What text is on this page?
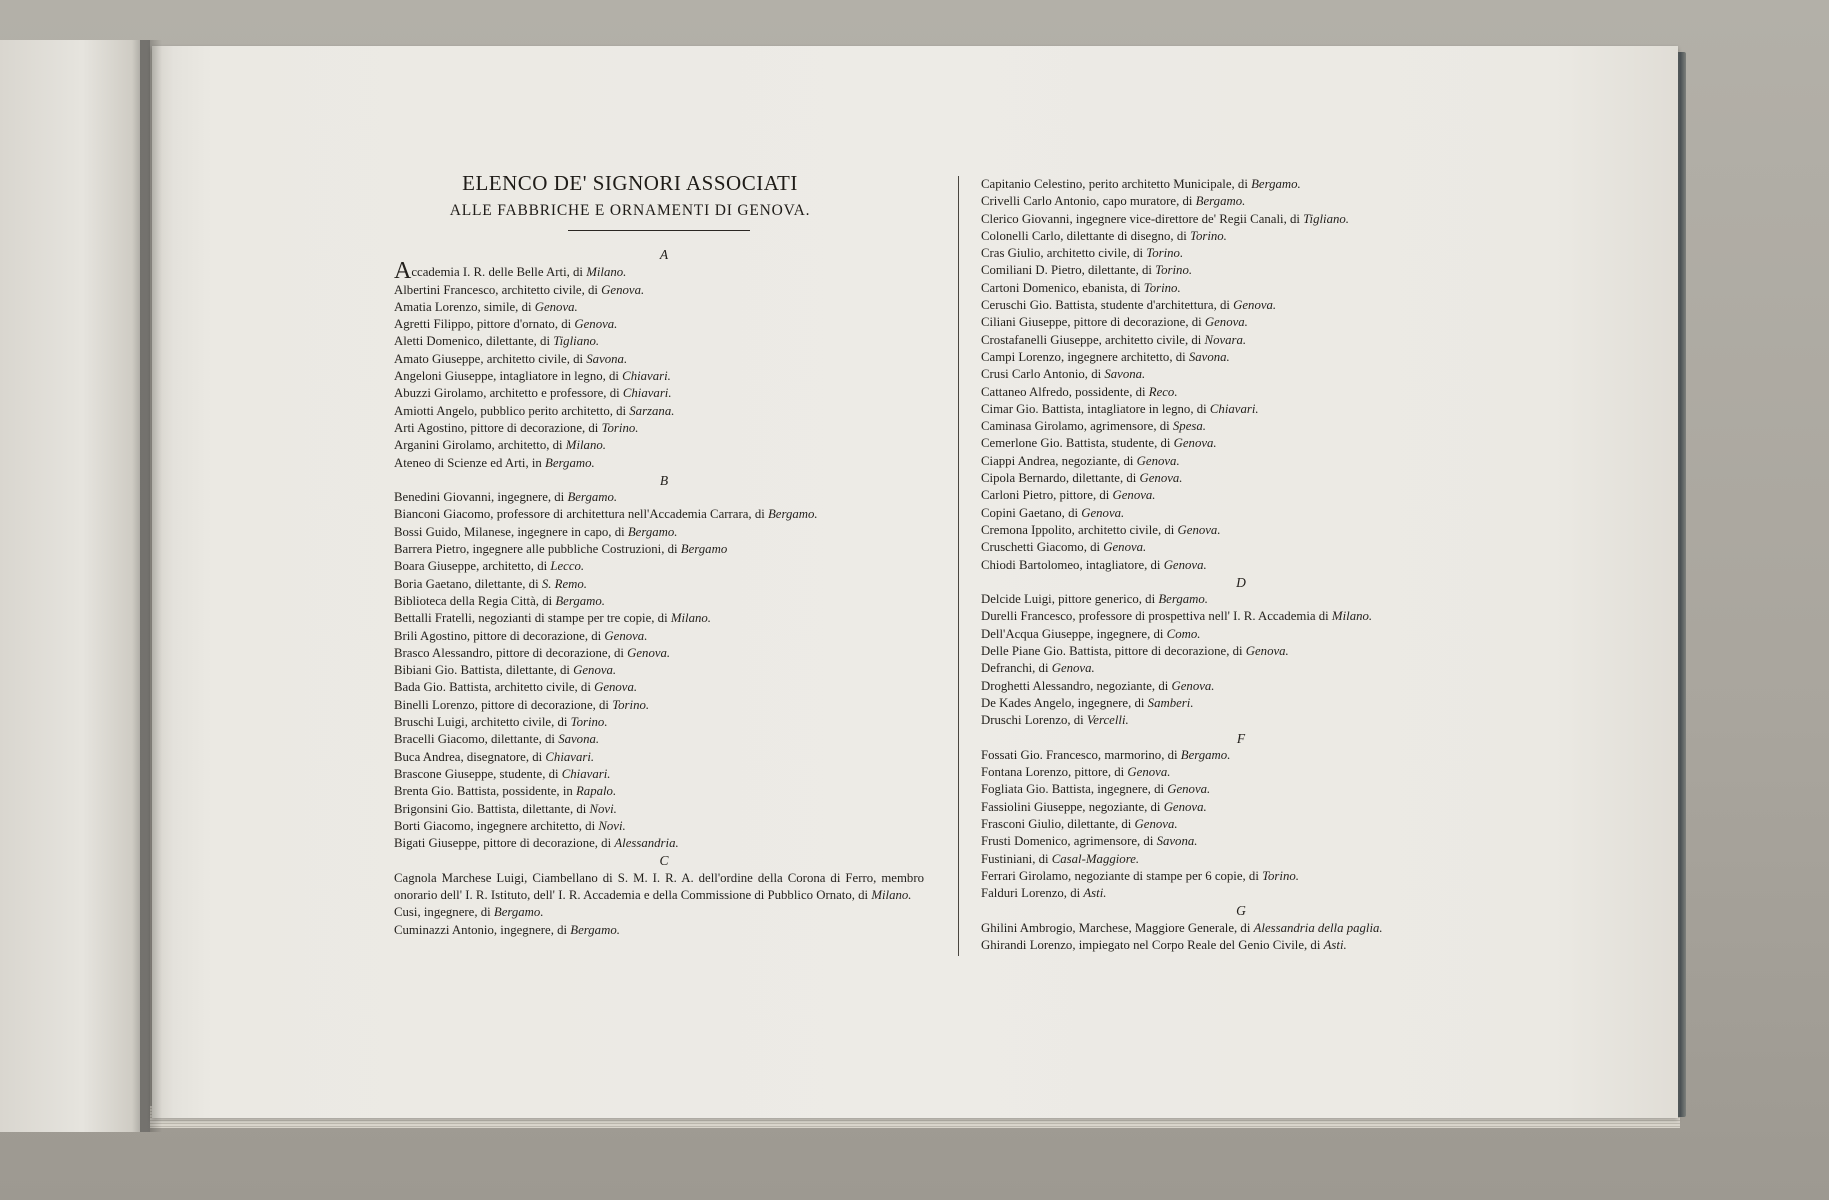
ELENCO DE' SIGNORI ASSOCIATI
ALLE FABBRICHE E ORNAMENTI DI GENOVA.
A
Accademia I. R. delle Belle Arti, di Milano.
Albertini Francesco, architetto civile, di Genova.
Amatia Lorenzo, simile, di Genova.
Agretti Filippo, pittore d'ornato, di Genova.
Aletti Domenico, dilettante, di Tigliano.
Amato Giuseppe, architetto civile, di Savona.
Angeloni Giuseppe, intagliatore in legno, di Chiavari.
Abuzzi Girolamo, architetto e professore, di Chiavari.
Amiotti Angelo, pubblico perito architetto, di Sarzana.
Arti Agostino, pittore di decorazione, di Torino.
Arganini Girolamo, architetto, di Milano.
Ateneo di Scienze ed Arti, in Bergamo.
B
Benedini Giovanni, ingegnere, di Bergamo.
Bianconi Giacomo, professore di architettura nell'Accademia Carrara, di Bergamo.
Bossi Guido, Milanese, ingegnere in capo, di Bergamo.
Barrera Pietro, ingegnere alle pubbliche Costruzioni, di Bergamo
Boara Giuseppe, architetto, di Lecco.
Boria Gaetano, dilettante, di S. Remo.
Biblioteca della Regia Città, di Bergamo.
Bettalli Fratelli, negozianti di stampe per tre copie, di Milano.
Brili Agostino, pittore di decorazione, di Genova.
Brasco Alessandro, pittore di decorazione, di Genova.
Bibiani Gio. Battista, dilettante, di Genova.
Bada Gio. Battista, architetto civile, di Genova.
Binelli Lorenzo, pittore di decorazione, di Torino.
Bruschi Luigi, architetto civile, di Torino.
Bracelli Giacomo, dilettante, di Savona.
Buca Andrea, disegnatore, di Chiavari.
Brascone Giuseppe, studente, di Chiavari.
Brenta Gio. Battista, possidente, in Rapalo.
Brigonsini Gio. Battista, dilettante, di Novi.
Borti Giacomo, ingegnere architetto, di Novi.
Bigati Giuseppe, pittore di decorazione, di Alessandria.
C
Cagnola Marchese Luigi, Ciambellano di S. M. I. R. A. dell'ordine della Corona di Ferro, membro onorario dell' I. R. Istituto, dell' I. R. Accademia e della Commissione di Pubblico Ornato, di Milano.
Cusi, ingegnere, di Bergamo.
Cuminazzi Antonio, ingegnere, di Bergamo.
Capitanio Celestino, perito architetto Municipale, di Bergamo.
Crivelli Carlo Antonio, capo muratore, di Bergamo.
Clerico Giovanni, ingegnere vice-direttore de' Regii Canali, di Tigliano.
Colonelli Carlo, dilettante di disegno, di Torino.
Cras Giulio, architetto civile, di Torino.
Comiliani D. Pietro, dilettante, di Torino.
Cartoni Domenico, ebanista, di Torino.
Ceruschi Gio. Battista, studente d'architettura, di Genova.
Ciliani Giuseppe, pittore di decorazione, di Genova.
Crostafanelli Giuseppe, architetto civile, di Novara.
Campi Lorenzo, ingegnere architetto, di Savona.
Crusi Carlo Antonio, di Savona.
Cattaneo Alfredo, possidente, di Reco.
Cimar Gio. Battista, intagliatore in legno, di Chiavari.
Caminasa Girolamo, agrimensore, di Spesa.
Cemerlone Gio. Battista, studente, di Genova.
Ciappi Andrea, negoziante, di Genova.
Cipola Bernardo, dilettante, di Genova.
Carloni Pietro, pittore, di Genova.
Copini Gaetano, di Genova.
Cremona Ippolito, architetto civile, di Genova.
Cruschetti Giacomo, di Genova.
Chiodi Bartolomeo, intagliatore, di Genova.
D
Delcide Luigi, pittore generico, di Bergamo.
Durelli Francesco, professore di prospettiva nell' I. R. Accademia di Milano.
Dell'Acqua Giuseppe, ingegnere, di Como.
Delle Piane Gio. Battista, pittore di decorazione, di Genova.
Defranchi, di Genova.
Droghetti Alessandro, negoziante, di Genova.
De Kades Angelo, ingegnere, di Samberi.
Druschi Lorenzo, di Vercelli.
F
Fossati Gio. Francesco, marmorino, di Bergamo.
Fontana Lorenzo, pittore, di Genova.
Fogliata Gio. Battista, ingegnere, di Genova.
Fassiolini Giuseppe, negoziante, di Genova.
Frasconi Giulio, dilettante, di Genova.
Frusti Domenico, agrimensore, di Savona.
Fustiniani, di Casal-Maggiore.
Ferrari Girolamo, negoziante di stampe per 6 copie, di Torino.
Falduri Lorenzo, di Asti.
G
Ghilini Ambrogio, Marchese, Maggiore Generale, di Alessandria della paglia.
Ghirandi Lorenzo, impiegato nel Corpo Reale del Genio Civile, di Asti.
